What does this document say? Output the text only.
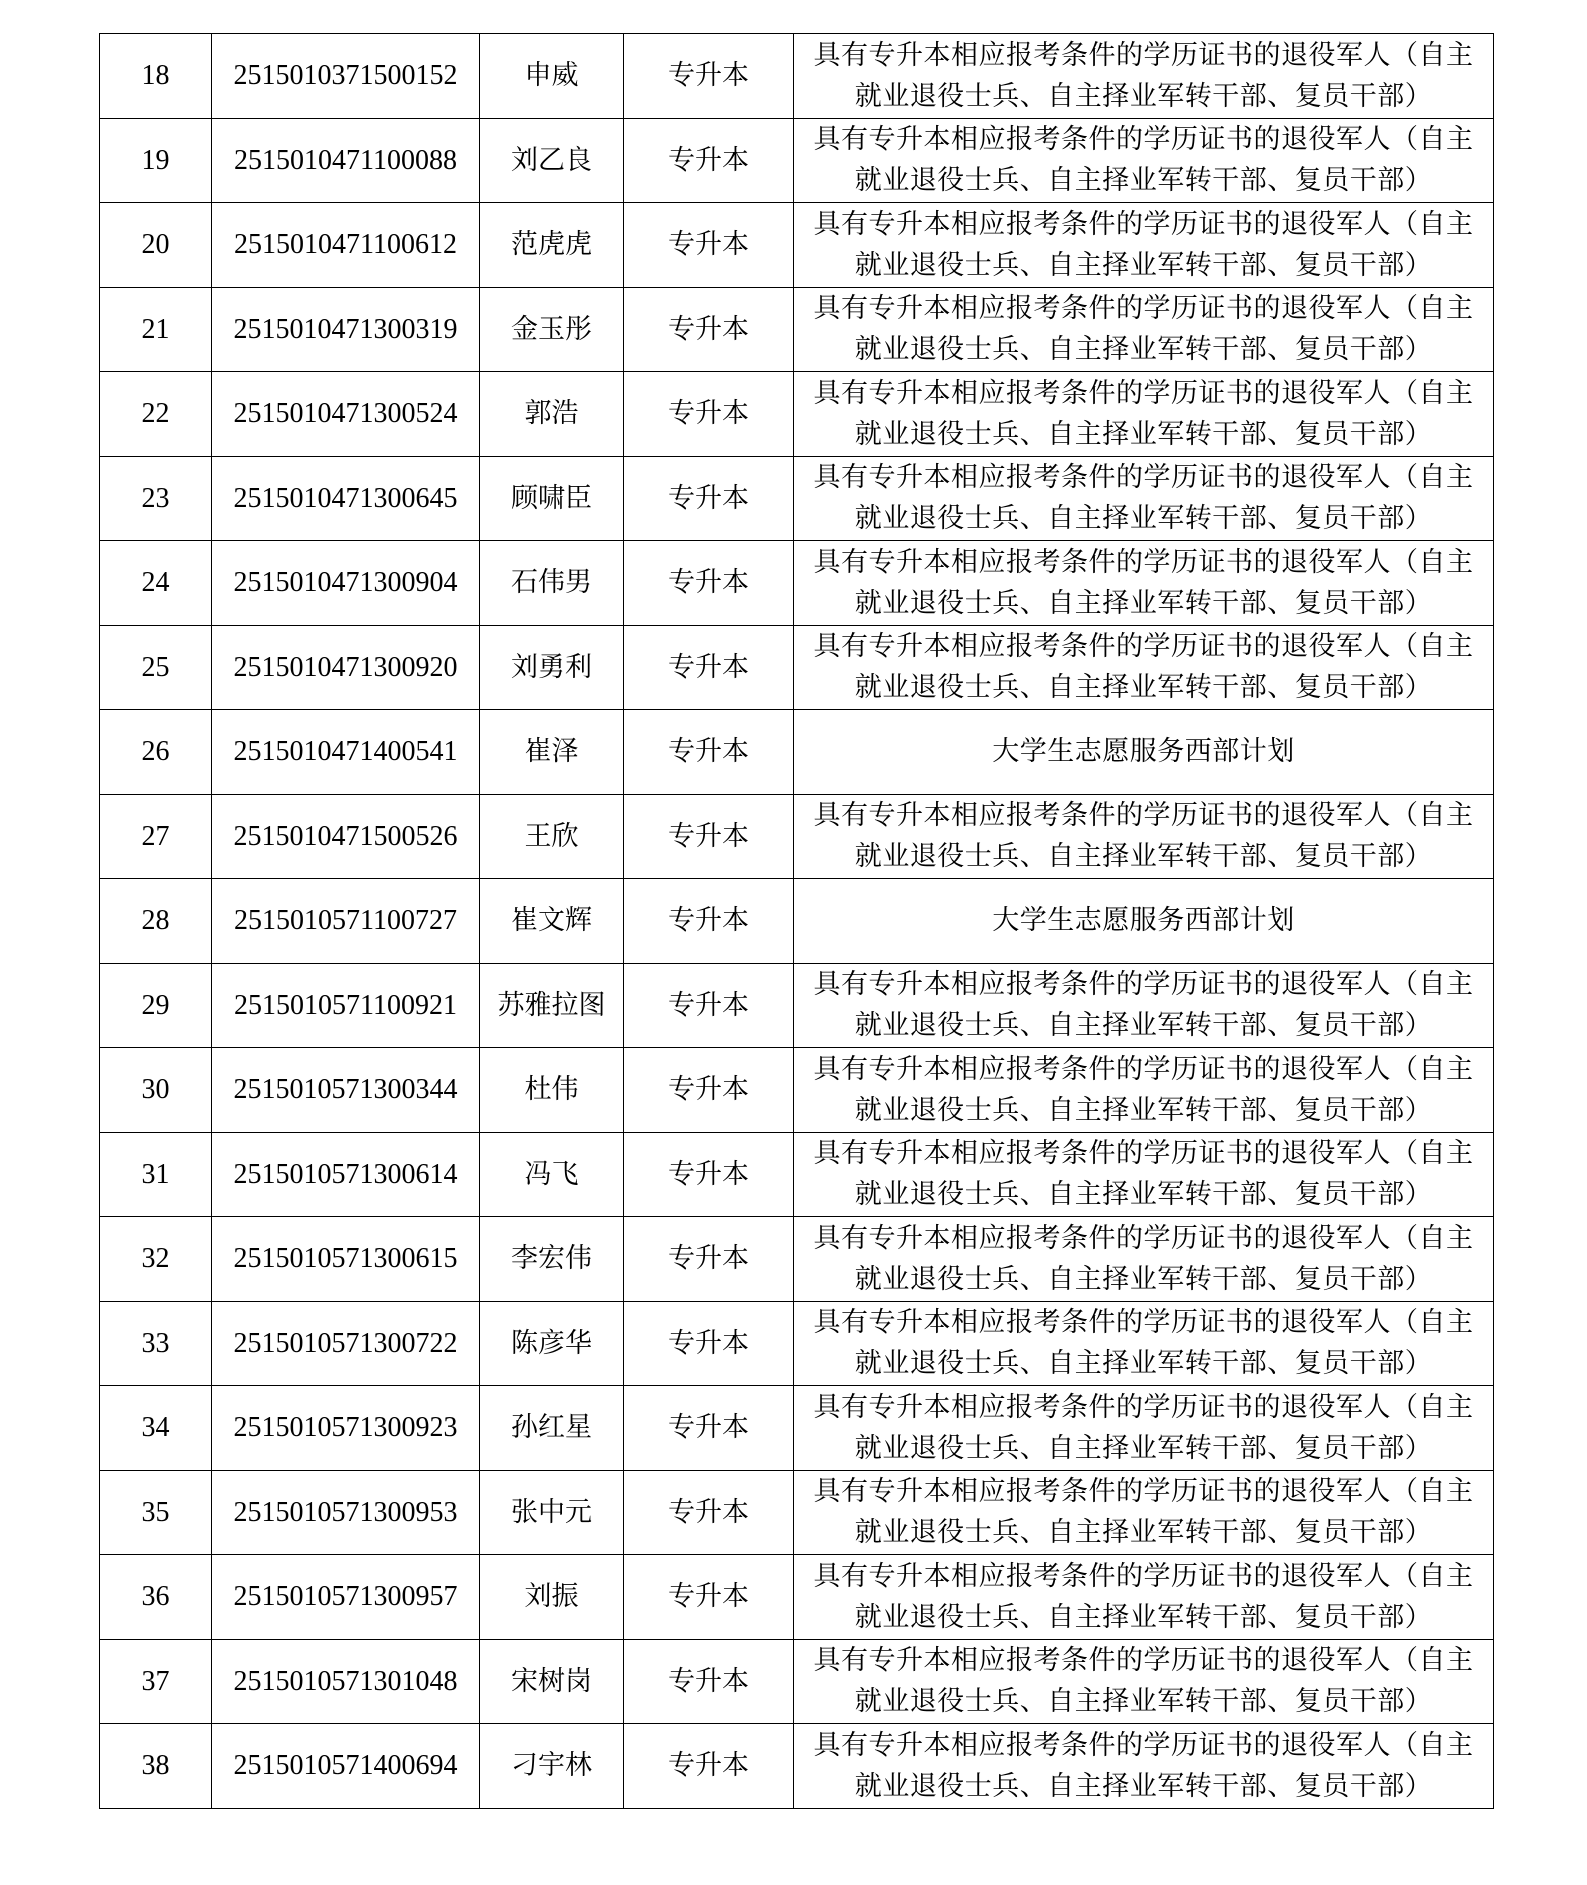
18	2515010371500152	申威	专升本	具有专升本相应报考条件的学历证书的退役军人（自主就业退役士兵、自主择业军转干部、复员干部）
19	2515010471100088	刘乙良	专升本	具有专升本相应报考条件的学历证书的退役军人（自主就业退役士兵、自主择业军转干部、复员干部）
20	2515010471100612	范虎虎	专升本	具有专升本相应报考条件的学历证书的退役军人（自主就业退役士兵、自主择业军转干部、复员干部）
21	2515010471300319	金玉彤	专升本	具有专升本相应报考条件的学历证书的退役军人（自主就业退役士兵、自主择业军转干部、复员干部）
22	2515010471300524	郭浩	专升本	具有专升本相应报考条件的学历证书的退役军人（自主就业退役士兵、自主择业军转干部、复员干部）
23	2515010471300645	顾啸臣	专升本	具有专升本相应报考条件的学历证书的退役军人（自主就业退役士兵、自主择业军转干部、复员干部）
24	2515010471300904	石伟男	专升本	具有专升本相应报考条件的学历证书的退役军人（自主就业退役士兵、自主择业军转干部、复员干部）
25	2515010471300920	刘勇利	专升本	具有专升本相应报考条件的学历证书的退役军人（自主就业退役士兵、自主择业军转干部、复员干部）
26	2515010471400541	崔泽	专升本	大学生志愿服务西部计划
27	2515010471500526	王欣	专升本	具有专升本相应报考条件的学历证书的退役军人（自主就业退役士兵、自主择业军转干部、复员干部）
28	2515010571100727	崔文辉	专升本	大学生志愿服务西部计划
29	2515010571100921	苏雅拉图	专升本	具有专升本相应报考条件的学历证书的退役军人（自主就业退役士兵、自主择业军转干部、复员干部）
30	2515010571300344	杜伟	专升本	具有专升本相应报考条件的学历证书的退役军人（自主就业退役士兵、自主择业军转干部、复员干部）
31	2515010571300614	冯飞	专升本	具有专升本相应报考条件的学历证书的退役军人（自主就业退役士兵、自主择业军转干部、复员干部）
32	2515010571300615	李宏伟	专升本	具有专升本相应报考条件的学历证书的退役军人（自主就业退役士兵、自主择业军转干部、复员干部）
33	2515010571300722	陈彦华	专升本	具有专升本相应报考条件的学历证书的退役军人（自主就业退役士兵、自主择业军转干部、复员干部）
34	2515010571300923	孙红星	专升本	具有专升本相应报考条件的学历证书的退役军人（自主就业退役士兵、自主择业军转干部、复员干部）
35	2515010571300953	张中元	专升本	具有专升本相应报考条件的学历证书的退役军人（自主就业退役士兵、自主择业军转干部、复员干部）
36	2515010571300957	刘振	专升本	具有专升本相应报考条件的学历证书的退役军人（自主就业退役士兵、自主择业军转干部、复员干部）
37	2515010571301048	宋树岗	专升本	具有专升本相应报考条件的学历证书的退役军人（自主就业退役士兵、自主择业军转干部、复员干部）
38	2515010571400694	刁宇林	专升本	具有专升本相应报考条件的学历证书的退役军人（自主就业退役士兵、自主择业军转干部、复员干部）
